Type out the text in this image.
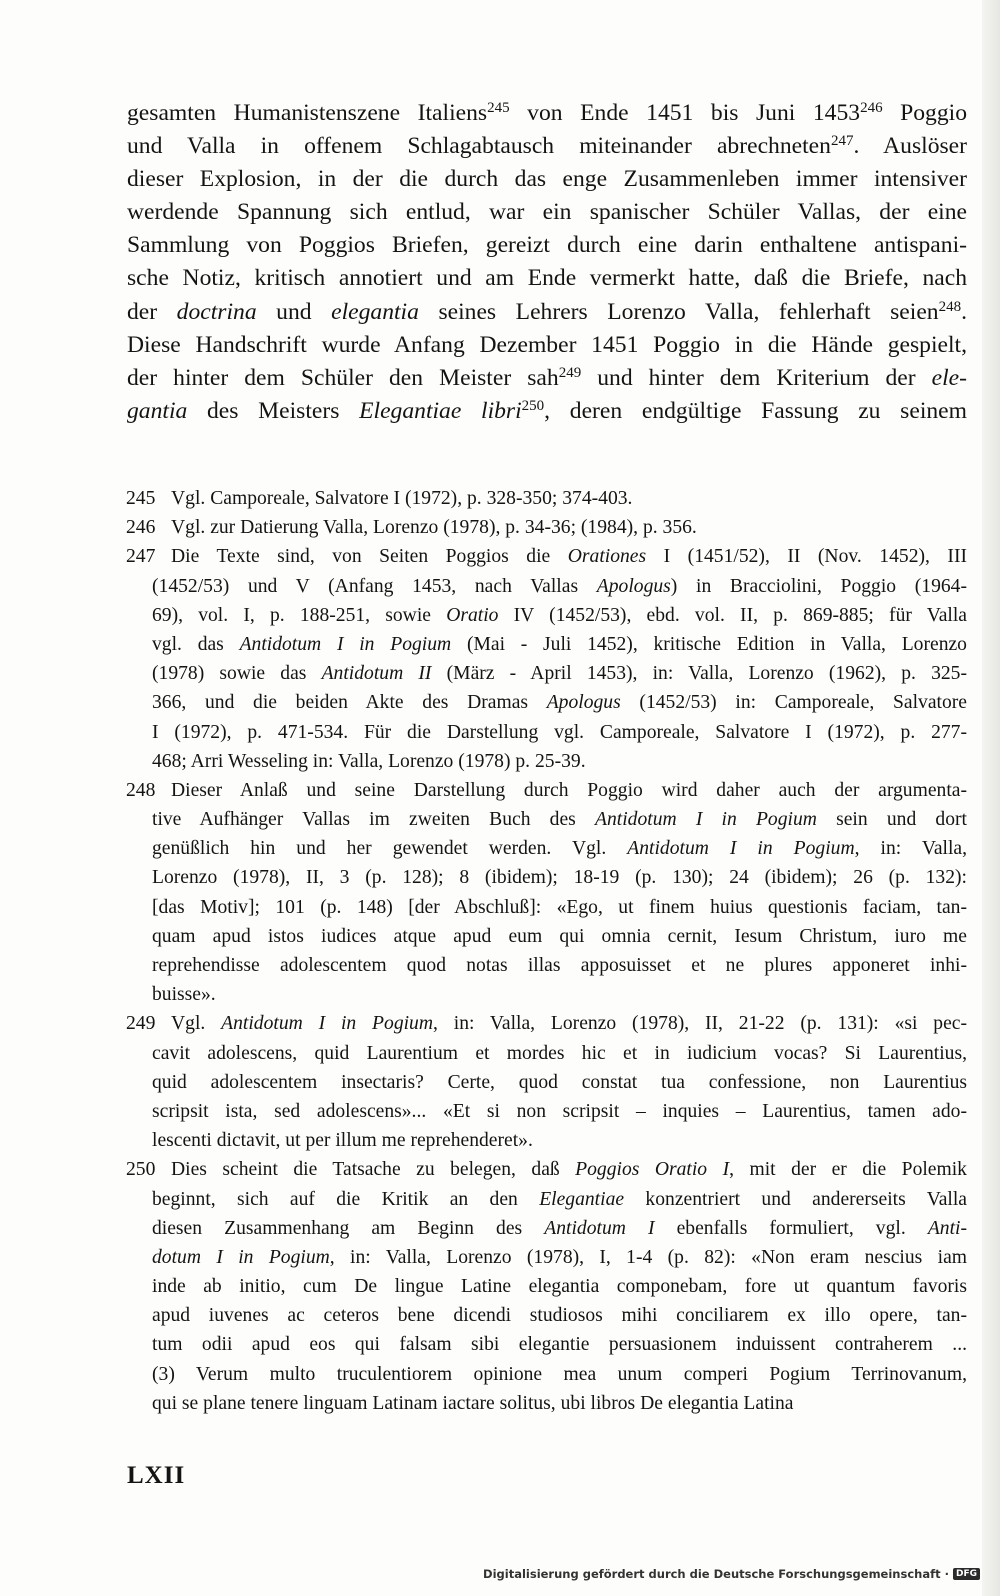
gesamten Humanistenszene Italiens$^{245}$ von Ende 1451 bis Juni 1453$^{246}$ Poggio
und Valla in offenem Schlagabtausch miteinander abrechneten$^{247}$. Auslöser
dieser Explosion, in der die durch das enge Zusammenleben immer intensiver
werdende Spannung sich entlud, war ein spanischer Schüler Vallas, der eine
Sammlung von Poggios Briefen, gereizt durch eine darin enthaltene antispani-
sche Notiz, kritisch annotiert und am Ende vermerkt hatte, daß die Briefe, nach
der doctrina und elegantia seines Lehrers Lorenzo Valla, fehlerhaft seien$^{248}$.
Diese Handschrift wurde Anfang Dezember 1451 Poggio in die Hände gespielt,
der hinter dem Schüler den Meister sah$^{249}$ und hinter dem Kriterium der ele-
gantia des Meisters Elegantiae libri$^{250}$, deren endgültige Fassung zu seinem
245 Vgl. Camporeale, Salvatore I (1972), p. 328-350; 374-403.
246 Vgl. zur Datierung Valla, Lorenzo (1978), p. 34-36; (1984), p. 356.
247 Die Texte sind, von Seiten Poggios die Orationes I (1451/52), II (Nov. 1452), III
(1452/53) und V (Anfang 1453, nach Vallas Apologus) in Bracciolini, Poggio (1964-
69), vol. I, p. 188-251, sowie Oratio IV (1452/53), ebd. vol. II, p. 869-885; für Valla
vgl. das Antidotum I in Pogium (Mai - Juli 1452), kritische Edition in Valla, Lorenzo
(1978) sowie das Antidotum II (März - April 1453), in: Valla, Lorenzo (1962), p. 325-
366, und die beiden Akte des Dramas Apologus (1452/53) in: Camporeale, Salvatore
I (1972), p. 471-534. Für die Darstellung vgl. Camporeale, Salvatore I (1972), p. 277-
468; Arri Wesseling in: Valla, Lorenzo (1978) p. 25-39.
248 Dieser Anlaß und seine Darstellung durch Poggio wird daher auch der argumenta-
tive Aufhänger Vallas im zweiten Buch des Antidotum I in Pogium sein und dort
genüßlich hin und her gewendet werden. Vgl. Antidotum I in Pogium, in: Valla,
Lorenzo (1978), II, 3 (p. 128); 8 (ibidem); 18-19 (p. 130); 24 (ibidem); 26 (p. 132):
[das Motiv]; 101 (p. 148) [der Abschluß]: «Ego, ut finem huius questionis faciam, tan-
quam apud istos iudices atque apud eum qui omnia cernit, Iesum Christum, iuro me
reprehendisse adolescentem quod notas illas apposuisset et ne plures apponeret inhi-
buisse».
249 Vgl. Antidotum I in Pogium, in: Valla, Lorenzo (1978), II, 21-22 (p. 131): «si pec-
cavit adolescens, quid Laurentium et mordes hic et in iudicium vocas? Si Laurentius,
quid adolescentem insectaris? Certe, quod constat tua confessione, non Laurentius
scripsit ista, sed adolescens»... «Et si non scripsit – inquies – Laurentius, tamen ado-
lescenti dictavit, ut per illum me reprehenderet».
250 Dies scheint die Tatsache zu belegen, daß Poggios Oratio I, mit der er die Polemik
beginnt, sich auf die Kritik an den Elegantiae konzentriert und andererseits Valla
diesen Zusammenhang am Beginn des Antidotum I ebenfalls formuliert, vgl. Anti-
dotum I in Pogium, in: Valla, Lorenzo (1978), I, 1-4 (p. 82): «Non eram nescius iam
inde ab initio, cum De lingue Latine elegantia componebam, fore ut quantum favoris
apud iuvenes ac ceteros bene dicendi studiosos mihi conciliarem ex illo opere, tan-
tum odii apud eos qui falsam sibi elegantie persuasionem induissent contraherem ...
(3) Verum multo truculentiorem opinione mea unum comperi Pogium Terrinovanum,
qui se plane tenere linguam Latinam iactare solitus, ubi libros De elegantia Latina
LXII
Digitalisierung gefördert durch die Deutsche Forschungsgemeinschaft · DFG
